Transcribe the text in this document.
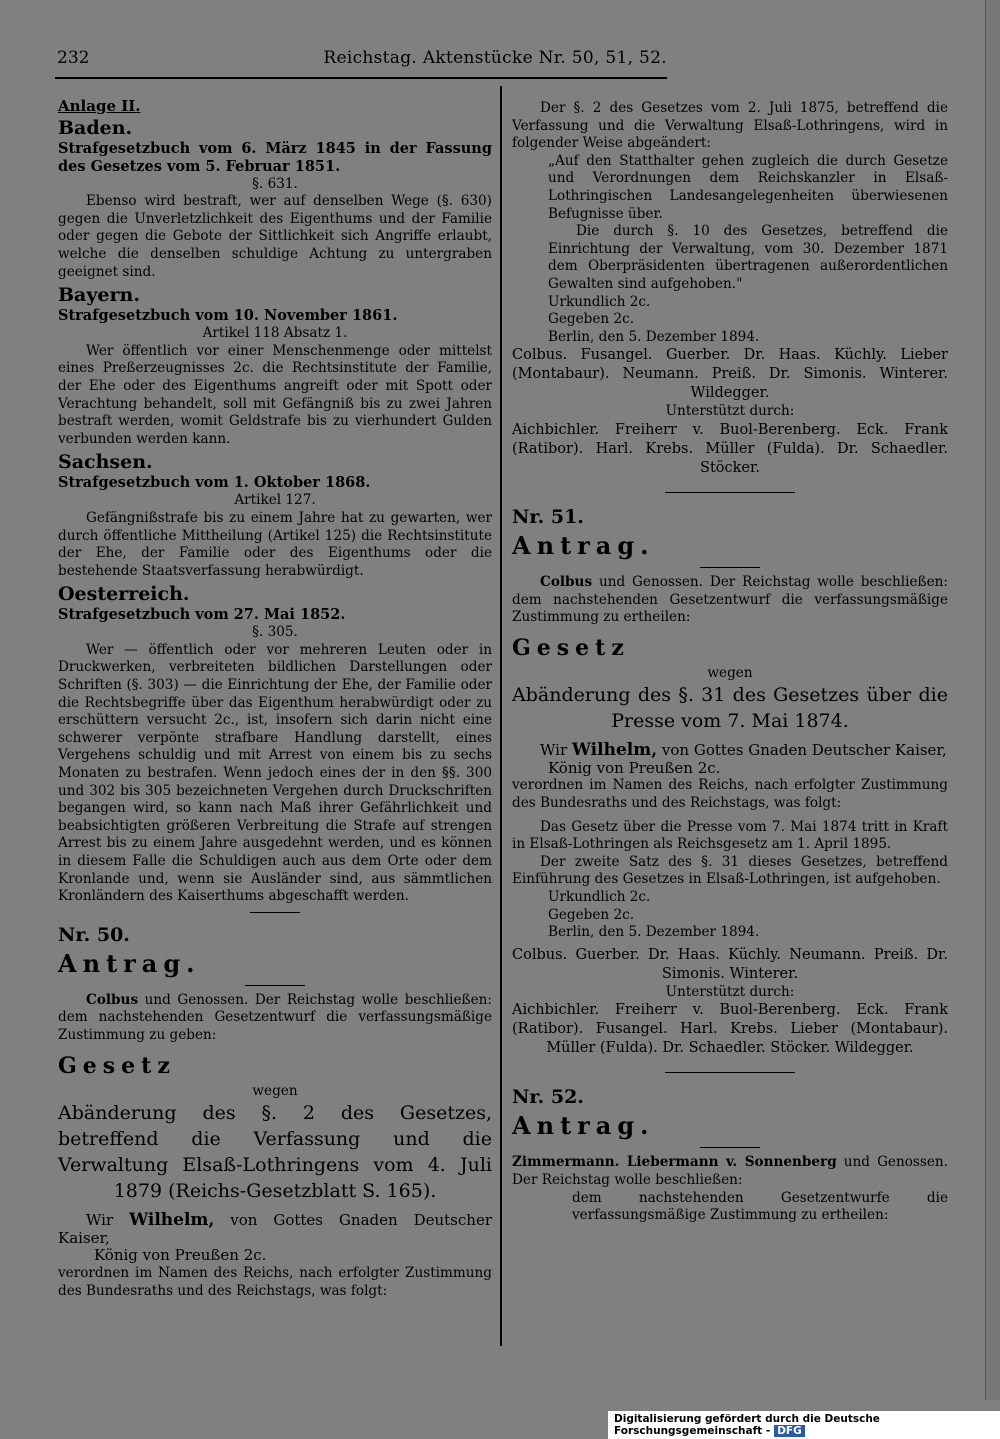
232	Reichstag. Aktenstücke Nr. 50, 51, 52.

Anlage II.

Baden.

Strafgesetzbuch vom 6. März 1845 in der Fassung des Gesetzes vom 5. Februar 1851.

§. 631.

Ebenso wird bestraft, wer auf denselben Wege (§. 630) gegen die Unverletzlichkeit des Eigenthums und der Familie oder gegen die Gebote der Sittlichkeit sich Angriffe erlaubt, welche die denselben schuldige Achtung zu untergraben geeignet sind.

Bayern.

Strafgesetzbuch vom 10. November 1861.

Artikel 118 Absatz 1.

Wer öffentlich vor einer Menschenmenge oder mittelst eines Preßerzeugnisses 2c. die Rechtsinstitute der Familie, der Ehe oder des Eigenthums angreift oder mit Spott oder Verachtung behandelt, soll mit Gefängniß bis zu zwei Jahren bestraft werden, womit Geldstrafe bis zu vierhundert Gulden verbunden werden kann.

Sachsen.

Strafgesetzbuch vom 1. Oktober 1868.

Artikel 127.

Gefängnißstrafe bis zu einem Jahre hat zu gewarten, wer durch öffentliche Mittheilung (Artikel 125) die Rechtsinstitute der Ehe, der Familie oder des Eigenthums oder die bestehende Staatsverfassung herabwürdigt.

Oesterreich.

Strafgesetzbuch vom 27. Mai 1852.

§. 305.

Wer — öffentlich oder vor mehreren Leuten oder in Druckwerken, verbreiteten bildlichen Darstellungen oder Schriften (§. 303) — die Einrichtung der Ehe, der Familie oder die Rechtsbegriffe über das Eigenthum herabwürdigt oder zu erschüttern versucht 2c., ist, insofern sich darin nicht eine schwerer verpönte strafbare Handlung darstellt, eines Vergehens schuldig und mit Arrest von einem bis zu sechs Monaten zu bestrafen. Wenn jedoch eines der in den §§. 300 und 302 bis 305 bezeichneten Vergehen durch Druckschriften begangen wird, so kann nach Maß ihrer Gefährlichkeit und beabsichtigten größeren Verbreitung die Strafe auf strengen Arrest bis zu einem Jahre ausgedehnt werden, und es können in diesem Falle die Schuldigen auch aus dem Orte oder dem Kronlande und, wenn sie Ausländer sind, aus sämmtlichen Kronländern des Kaiserthums abgeschafft werden.

Nr. 50.

Antrag.

Colbus und Genossen. Der Reichstag wolle beschließen: dem nachstehenden Gesetzentwurf die verfassungsmäßige Zustimmung zu geben:

Gesetz

wegen

Abänderung des §. 2 des Gesetzes, betreffend die Verfassung und die Verwaltung Elsaß-Lothringens vom 4. Juli 1879 (Reichs-Gesetzblatt S. 165).

Wir Wilhelm, von Gottes Gnaden Deutscher Kaiser,

König von Preußen 2c.

verordnen im Namen des Reichs, nach erfolgter Zustimmung des Bundesraths und des Reichstags, was folgt:

Der §. 2 des Gesetzes vom 2. Juli 1875, betreffend die Verfassung und die Verwaltung Elsaß-Lothringens, wird in folgender Weise abgeändert:

„Auf den Statthalter gehen zugleich die durch Gesetze und Verordnungen dem Reichskanzler in Elsaß-Lothringischen Landesangelegenheiten überwiesenen Befugnisse über.

Die durch §. 10 des Gesetzes, betreffend die Einrichtung der Verwaltung, vom 30. Dezember 1871 dem Oberpräsidenten übertragenen außerordentlichen Gewalten sind aufgehoben."

Urkundlich 2c.

Gegeben 2c.

Berlin, den 5. Dezember 1894.

Colbus. Fusangel. Guerber. Dr. Haas. Küchly. Lieber (Montabaur). Neumann. Preiß. Dr. Simonis. Winterer. Wildegger.

Unterstützt durch:

Aichbichler. Freiherr v. Buol-Berenberg. Eck. Frank (Ratibor). Harl. Krebs. Müller (Fulda). Dr. Schaedler. Stöcker.

Nr. 51.

Antrag.

Colbus und Genossen. Der Reichstag wolle beschließen: dem nachstehenden Gesetzentwurf die verfassungsmäßige Zustimmung zu ertheilen:

Gesetz

wegen

Abänderung des §. 31 des Gesetzes über die Presse vom 7. Mai 1874.

Wir Wilhelm, von Gottes Gnaden Deutscher Kaiser,

König von Preußen 2c.

verordnen im Namen des Reichs, nach erfolgter Zustimmung des Bundesraths und des Reichstags, was folgt:

Das Gesetz über die Presse vom 7. Mai 1874 tritt in Kraft in Elsaß-Lothringen als Reichsgesetz am 1. April 1895.

Der zweite Satz des §. 31 dieses Gesetzes, betreffend Einführung des Gesetzes in Elsaß-Lothringen, ist aufgehoben.

Urkundlich 2c.

Gegeben 2c.

Berlin, den 5. Dezember 1894.

Colbus. Guerber. Dr. Haas. Küchly. Neumann. Preiß. Dr. Simonis. Winterer.

Unterstützt durch:

Aichbichler. Freiherr v. Buol-Berenberg. Eck. Frank (Ratibor). Fusangel. Harl. Krebs. Lieber (Montabaur). Müller (Fulda). Dr. Schaedler. Stöcker. Wildegger.

Nr. 52.

Antrag.

Zimmermann. Liebermann v. Sonnenberg und Genossen. Der Reichstag wolle beschließen:

dem nachstehenden Gesetzentwurfe die verfassungsmäßige Zustimmung zu ertheilen:

Digitalisierung gefördert durch die Deutsche Forschungsgemeinschaft - DFG
